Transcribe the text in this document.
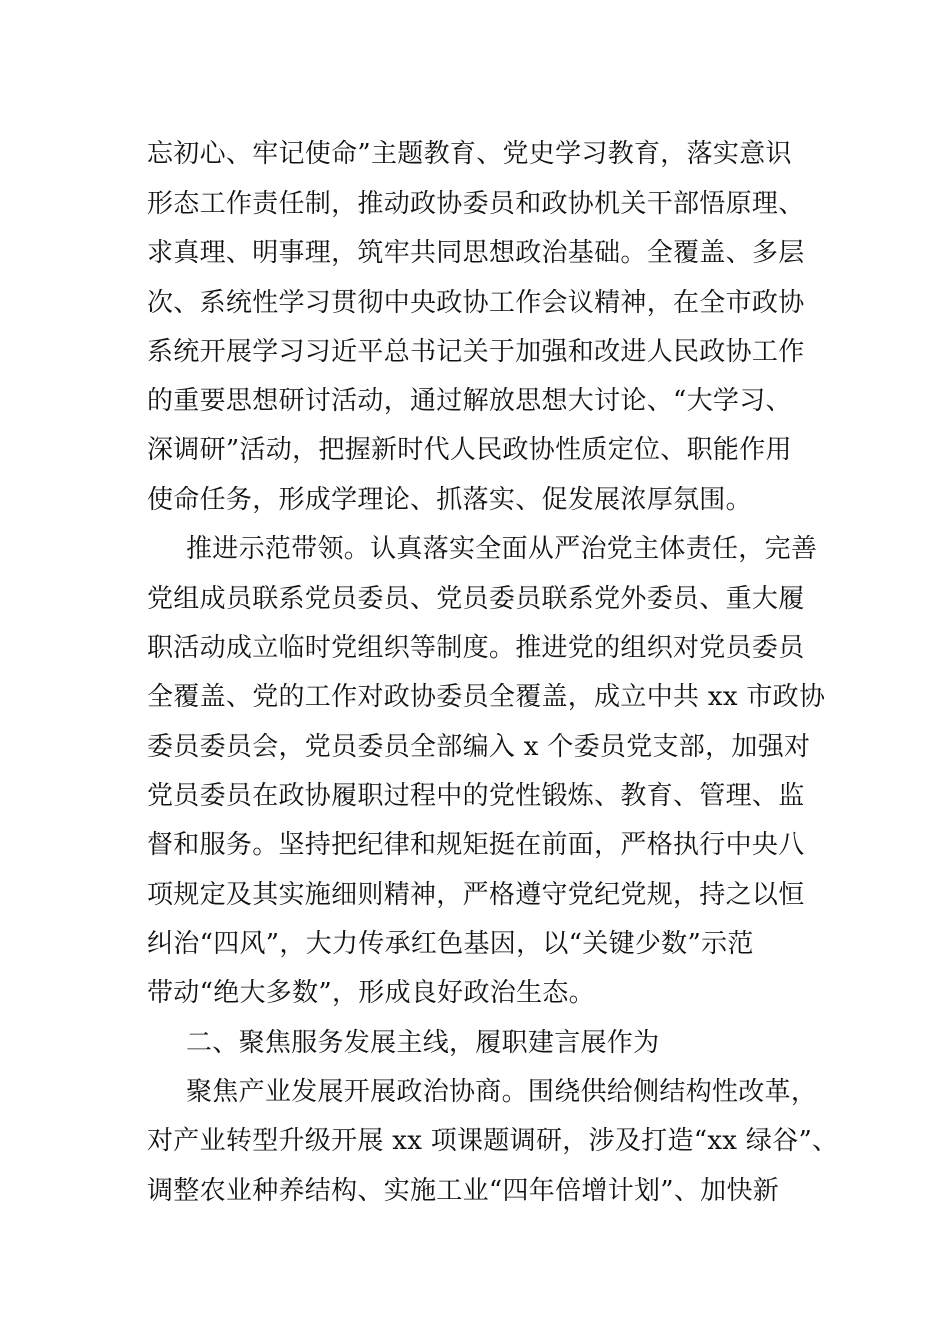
忘初心、牢记使命”主题教育、党史学习教育，落实意识
形态工作责任制，推动政协委员和政协机关干部悟原理、
求真理、明事理，筑牢共同思想政治基础。全覆盖、多层
次、系统性学习贯彻中央政协工作会议精神，在全市政协
系统开展学习习近平总书记关于加强和改进人民政协工作
的重要思想研讨活动，通过解放思想大讨论、“大学习、
深调研”活动，把握新时代人民政协性质定位、职能作用
使命任务，形成学理论、抓落实、促发展浓厚氛围。
推进示范带领。认真落实全面从严治党主体责任，完善
党组成员联系党员委员、党员委员联系党外委员、重大履
职活动成立临时党组织等制度。推进党的组织对党员委员
全覆盖、党的工作对政协委员全覆盖，成立中共 xx 市政协
委员委员会，党员委员全部编入 x 个委员党支部，加强对
党员委员在政协履职过程中的党性锻炼、教育、管理、监
督和服务。坚持把纪律和规矩挺在前面，严格执行中央八
项规定及其实施细则精神，严格遵守党纪党规，持之以恒
纠治“四风”，大力传承红色基因，以“关键少数”示范
带动“绝大多数”，形成良好政治生态。
二、聚焦服务发展主线，履职建言展作为
聚焦产业发展开展政治协商。围绕供给侧结构性改革，
对产业转型升级开展 xx 项课题调研，涉及打造“xx 绿谷”、
调整农业种养结构、实施工业“四年倍增计划”、加快新
